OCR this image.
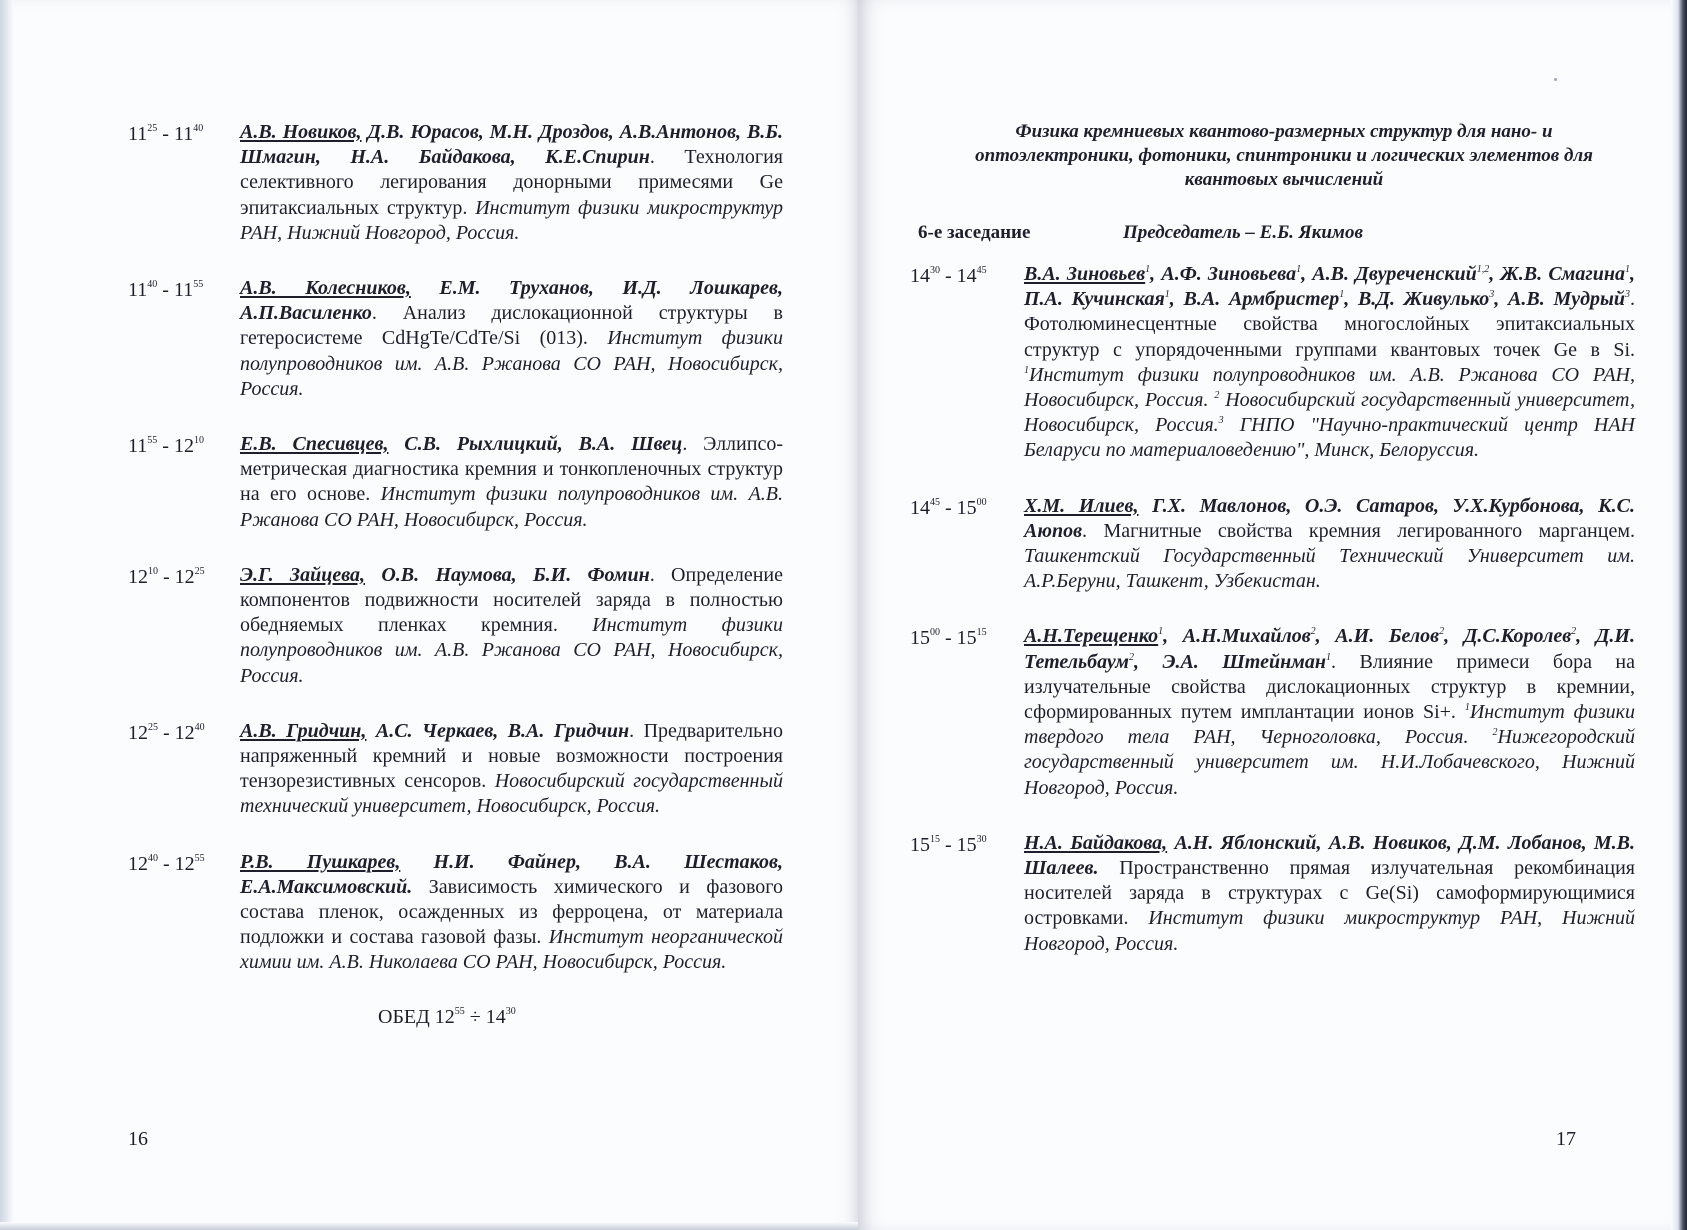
$11^{25} - 11^{40}$	А.В. Новиков, Д.В. Юрасов, М.Н. Дроздов, А.В.Антонов, В.Б. Шмагин, Н.А. Байдакова, К.Е.Спирин. Технология селективного легирования донорными примесями Ge эпитаксиальных структур. Институт физики микроструктур РАН, Нижний Новгород, Россия.
$11^{40} - 11^{55}$	А.В. Колесников, Е.М. Труханов, И.Д. Лошкарев, А.П.Василенко. Анализ дислокационной структуры в гетеросистеме CdHgTe/CdTe/Si (013). Институт физики полупроводников им. А.В. Ржанова СО РАН, Новосибирск, Россия.
$11^{55} - 12^{10}$	Е.В. Спесивцев, С.В. Рыхлицкий, В.А. Швец. Эллипсометрическая диагностика кремния и тонкопленочных структур на его основе. Институт физики полупроводников им. А.В. Ржанова СО РАН, Новосибирск, Россия.
$12^{10} - 12^{25}$	Э.Г. Зайцева, О.В. Наумова, Б.И. Фомин. Определение компонентов подвижности носителей заряда в полностью обедняемых пленках кремния. Институт физики полупроводников им. А.В. Ржанова СО РАН, Новосибирск, Россия.
$12^{25} - 12^{40}$	А.В. Гридчин, А.С. Черкаев, В.А. Гридчин. Предварительно напряженный кремний и новые возможности построения тензорезистивных сенсоров. Новосибирский государственный технический университет, Новосибирск, Россия.
$12^{40} - 12^{55}$	Р.В. Пушкарев, Н.И. Файнер, В.А. Шестаков, Е.А.Максимовский. Зависимость химического и фазового состава пленок, осажденных из ферроцена, от материала подложки и состава газовой фазы. Институт неорганической химии им. А.В. Николаева СО РАН, Новосибирск, Россия.
ОБЕД $12^{55} \div 14^{30}$
16
Физика кремниевых квантово-размерных структур для нано- и оптоэлектроники, фотоники, спинтроники и логических элементов для квантовых вычислений
6-е заседание	Председатель – Е.Б. Якимов
$14^{30} - 14^{45}$	В.А. Зиновьев$^1$, А.Ф. Зиновьева$^1$, А.В. Двуреченский$^{1,2}$, Ж.В. Смагина$^1$, П.А. Кучинская$^1$, В.А. Армбристер$^1$, В.Д. Живулько$^3$, А.В. Мудрый$^3$. Фотолюминесцентные свойства многослойных эпитаксиальных структур с упорядоченными группами квантовых точек Ge в Si. $^1$Институт физики полупроводников им. А.В. Ржанова СО РАН, Новосибирск, Россия. $^2$ Новосибирский государственный университет, Новосибирск, Россия.$^3$ ГНПО "Научно-практический центр НАН Беларуси по материаловедению", Минск, Белоруссия.
$14^{45} - 15^{00}$	Х.М. Илиев, Г.Х. Мавлонов, О.Э. Сатаров, У.Х.Курбонова, К.С. Аюпов. Магнитные свойства кремния легированного марганцем. Ташкентский Государственный Технический Университет им. А.Р.Беруни, Ташкент, Узбекистан.
$15^{00} - 15^{15}$	А.Н.Терещенко$^1$, А.Н.Михайлов$^2$, А.И. Белов$^2$, Д.С.Королев$^2$, Д.И. Тетельбаум$^2$, Э.А. Штейнман$^1$. Влияние примеси бора на излучательные свойства дислокационных структур в кремнии, сформированных путем имплантации ионов Si+. $^1$Институт физики твердого тела РАН, Черноголовка, Россия. $^2$Нижегородский государственный университет им. Н.И.Лобачевского, Нижний Новгород, Россия.
$15^{15} - 15^{30}$	Н.А. Байдакова, А.Н. Яблонский, А.В. Новиков, Д.М. Лобанов, М.В. Шалеев. Пространственно прямая излучательная рекомбинация носителей заряда в структурах с Ge(Si) самоформирующимися островками. Институт физики микроструктур РАН, Нижний Новгород, Россия.
17
